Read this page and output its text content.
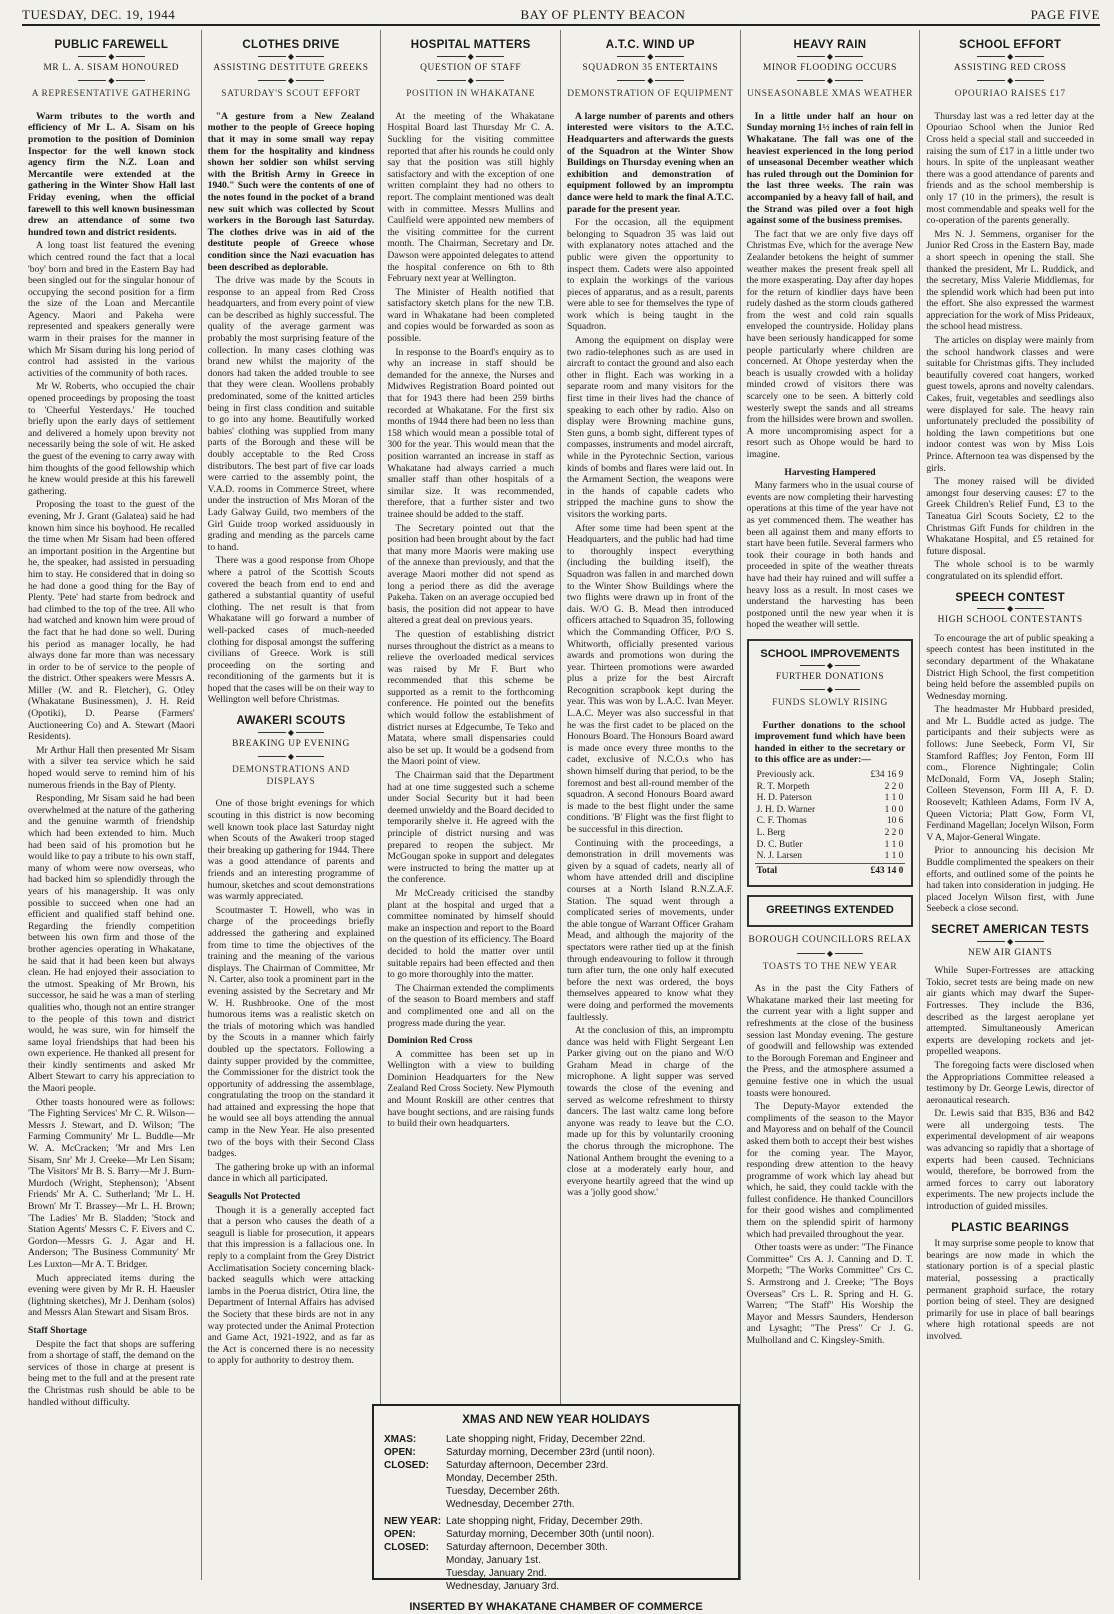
TUESDAY, DEC. 19, 1944	BAY OF PLENTY BEACON	PAGE FIVE
PUBLIC FAREWELL
◆
MR L. A. SISAM HONOURED
◆
A REPRESENTATIVE GATHERING

Warm tributes to the worth and efficiency of Mr L. A. Sisam on his promotion to the position of Dominion Inspector for the well known stock agency firm the N.Z. Loan and Mercantile were extended at the gathering in the Winter Show Hall last Friday evening, when the official farewell to this well known businessman drew an attendance of some two hundred town and district residents.

A long toast list featured the evening which centred round the fact that a local 'boy' born and bred in the Eastern Bay had been singled out for the singular honour of occupying the second position for a firm the size of the Loan and Mercantile Agency. Maori and Pakeha were represented and speakers generally were warm in their praises for the manner in which Mr Sisam during his long period of control had assisted in the various activities of the community of both races.

Mr W. Roberts, who occupied the chair opened proceedings by proposing the toast to 'Cheerful Yesterdays.' He touched briefly upon the early days of settlement and delivered a homely upon brevity not necessarily being the sole of wit. He asked the guest of the evening to carry away with him thoughts of the good fellowship which he knew would preside at this his farewell gathering.

Proposing the toast to the guest of the evening, Mr J. Grant (Galatea) said he had known him since his boyhood. He recalled the time when Mr Sisam had been offered an important position in the Argentine but he, the speaker, had assisted in persuading him to stay. He considered that in doing so he had done a good thing for the Bay of Plenty. 'Pete' had starte from bedrock and had climbed to the top of the tree. All who had watched and known him were proud of the fact that he had done so well. During his period as manager locally, he had always done far more than was necessary in order to be of service to the people of the district. Other speakers were Messrs A. Miller (W. and R. Fletcher), G. Otley (Whakatane Businessmen), J. H. Reid (Opotiki), D. Pearse (Farmers' Auctioneering Co) and A. Stewart (Maori Residents).

Mr Arthur Hall then presented Mr Sisam with a silver tea service which he said hoped would serve to remind him of his numerous friends in the Bay of Plenty.

Responding, Mr Sisam said he had been overwhelmed at the nature of the gathering and the genuine warmth of friendship which had been extended to him. Much had been said of his promotion but he would like to pay a tribute to his own staff, many of whom were now overseas, who had backed him so splendidly through the years of his managership. It was only possible to succeed when one had an efficient and qualified staff behind one. Regarding the friendly competition between his own firm and those of the brother agencies operating in Whakatane, he said that it had been keen but always clean. He had enjoyed their association to the utmost. Speaking of Mr Brown, his successor, he said he was a man of sterling qualities who, though not an entire stranger to the people of this town and district would, he was sure, win for himself the same loyal friendships that had been his own experience. He thanked all present for their kindly sentiments and asked Mr Albert Stewart to carry his appreciation to the Maori people.

Other toasts honoured were as follows: 'The Fighting Services' Mr C. R. Wilson—Messrs J. Stewart, and D. Wilson; 'The Farming Community' Mr L. Buddle—Mr W. A. McCracken; 'Mr and Mrs Len Sisam, Snr' Mr J. Creeke—Mr Len Sisam; 'The Visitors' Mr B. S. Barry—Mr J. Burn-Murdoch (Wright, Stephenson); 'Absent Friends' Mr A. C. Sutherland; 'Mr L. H. Brown' Mr T. Brassey—Mr L. H. Brown; 'The Ladies' Mr B. Sladden; 'Stock and Station Agents' Messrs C. F. Eivers and C. Gordon—Messrs G. J. Agar and H. Anderson; 'The Business Community' Mr Les Luxton—Mr A. T. Bridger.

Much appreciated items during the evening were given by Mr R. H. Haeusler (lightning sketches), Mr J. Denham (solos) and Messrs Alan Stewart and Sisam Bros.

Staff Shortage

Despite the fact that shops are suffering from a shortage of staff, the demand on the services of those in charge at present is being met to the full and at the present rate the Christmas rush should be able to be handled without difficulty.

CLOTHES DRIVE
◆
ASSISTING DESTITUTE GREEKS
◆
SATURDAY'S SCOUT EFFORT

"A gesture from a New Zealand mother to the people of Greece hoping that it may in some small way repay them for the hospitality and kindness shown her soldier son whilst serving with the British Army in Greece in 1940." Such were the contents of one of the notes found in the pocket of a brand new suit which was collected by Scout workers in the Borough last Saturday. The clothes drive was in aid of the destitute people of Greece whose condition since the Nazi evacuation has been described as deplorable.

The drive was made by the Scouts in response to an appeal from Red Cross headquarters, and from every point of view can be described as highly successful. The quality of the average garment was probably the most surprising feature of the collection. In many cases clothing was brand new whilst the majority of the donors had taken the added trouble to see that they were clean. Woollens probably predominated, some of the knitted articles being in first class condition and suitable to go into any home. Beautifully worked babies' clothing was supplied from many parts of the Borough and these will be doubly acceptable to the Red Cross distributors. The best part of five car loads were carried to the assembly point, the V.A.D. rooms in Commerce Street, where under the instruction of Mrs Moran of the Lady Galway Guild, two members of the Girl Guide troop worked assiduously in grading and mending as the parcels came to hand.

There was a good response from Ohope where a patrol of the Scottish Scouts covered the beach from end to end and gathered a substantial quantity of useful clothing. The net result is that from Whakatane will go forward a number of well-packed cases of much-needed clothing for disposal amongst the suffering civilians of Greece. Work is still proceeding on the sorting and reconditioning of the garments but it is hoped that the cases will be on their way to Wellington well before Christmas.

AWAKERI SCOUTS
◆
BREAKING UP EVENING
◆
DEMONSTRATIONS AND DISPLAYS

One of those bright evenings for which scouting in this district is now becoming well known took place last Saturday night when Scouts of the Awakeri troop staged their breaking up gathering for 1944. There was a good attendance of parents and friends and an interesting programme of humour, sketches and scout demonstrations was warmly appreciated.

Scoutmaster T. Howell, who was in charge of the proceedings briefly addressed the gathering and explained from time to time the objectives of the training and the meaning of the various displays. The Chairman of Committee, Mr N. Carter, also took a prominent part in the evening assisted by the Secretary and Mr W. H. Rushbrooke. One of the most humorous items was a realistic sketch on the trials of motoring which was handled by the Scouts in a manner which fairly doubled up the spectators. Following a dainty supper provided by the committee, the Commissioner for the district took the opportunity of addressing the assemblage, congratulating the troop on the standard it had attained and expressing the hope that he would see all boys attending the annual camp in the New Year. He also presented two of the boys with their Second Class badges.

The gathering broke up with an informal dance in which all participated.

Seagulls Not Protected

Though it is a generally accepted fact that a person who causes the death of a seagull is liable for prosecution, it appears that this impression is a fallacious one. In reply to a complaint from the Grey District Acclimatisation Society concerning black-backed seagulls which were attacking lambs in the Poerua district, Otira line, the Department of Internal Affairs has advised the Society that these birds are not in any way protected under the Animal Protection and Game Act, 1921-1922, and as far as the Act is concerned there is no necessity to apply for authority to destroy them.

HOSPITAL MATTERS
◆
QUESTION OF STAFF
◆
POSITION IN WHAKATANE

At the meeting of the Whakatane Hospital Board last Thursday Mr C. A. Suckling for the visiting committee reported that after his rounds he could only say that the position was still highly satisfactory and with the exception of one written complaint they had no others to report. The complaint mentioned was dealt with in committee. Messrs Mullins and Caulfield were appointed new members of the visiting committee for the current month. The Chairman, Secretary and Dr. Dawson were appointed delegates to attend the hospital conference on 6th to 8th February next year at Wellington.

The Minister of Health notified that satisfactory sketch plans for the new T.B. ward in Whakatane had been completed and copies would be forwarded as soon as possible.

In response to the Board's enquiry as to why an increase in staff should be demanded for the annexe, the Nurses and Midwives Registration Board pointed out that for 1943 there had been 259 births recorded at Whakatane. For the first six months of 1944 there had been no less than 158 which would mean a possible total of 300 for the year. This would mean that the position warranted an increase in staff as Whakatane had always carried a much smaller staff than other hospitals of a similar size. It was recommended, therefore, that a further sister and two trainee should be added to the staff.

The Secretary pointed out that the position had been brought about by the fact that many more Maoris were making use of the annexe than previously, and that the average Maori mother did not spend as long a period there as did the average Pakeha. Taken on an average occupied bed basis, the position did not appear to have altered a great deal on previous years.

The question of establishing district nurses throughout the district as a means to relieve the overloaded medical services was raised by Mr F. Burt who recommended that this scheme be supported as a remit to the forthcoming conference. He pointed out the benefits which would follow the establishment of district nurses at Edgecumbe, Te Teko and Matata, where small dispensaries could also be set up. It would be a godsend from the Maori point of view.

The Chairman said that the Department had at one time suggested such a scheme under Social Security but it had been deemed unwieldy and the Board decided to temporarily shelve it. He agreed with the principle of district nursing and was prepared to reopen the subject. Mr McGougan spoke in support and delegates were instructed to bring the matter up at the conference.

Mr McCready criticised the standby plant at the hospital and urged that a committee nominated by himself should make an inspection and report to the Board on the question of its efficiency. The Board decided to hold the matter over until suitable repairs had been effected and then to go more thoroughly into the matter.

The Chairman extended the compliments of the season to Board members and staff and complimented one and all on the progress made during the year.

Dominion Red Cross

A committee has been set up in Wellington with a view to building Dominion Headquarters for the New Zealand Red Cross Society. New Plymouth and Mount Roskill are other centres that have bought sections, and are raising funds to build their own headquarters.

A.T.C. WIND UP
◆
SQUADRON 35 ENTERTAINS
◆
DEMONSTRATION OF EQUIPMENT

A large number of parents and others interested were visitors to the A.T.C. Headquarters and afterwards the guests of the Squadron at the Winter Show Buildings on Thursday evening when an exhibition and demonstration of equipment followed by an impromptu dance were held to mark the final A.T.C. parade for the present year.

For the occasion, all the equipment belonging to Squadron 35 was laid out with explanatory notes attached and the public were given the opportunity to inspect them. Cadets were also appointed to explain the workings of the various pieces of apparatus, and as a result, parents were able to see for themselves the type of work which is being taught in the Squadron.

Among the equipment on display were two radio-telephones such as are used in aircraft to contact the ground and also each other in flight. Each was working in a separate room and many visitors for the first time in their lives had the chance of speaking to each other by radio. Also on display were Browning machine guns, Sten guns, a bomb sight, different types of compasses, instruments and model aircraft, while in the Pyrotechnic Section, various kinds of bombs and flares were laid out. In the Armament Section, the weapons were in the hands of capable cadets who stripped the machine guns to show the visitors the working parts.

After some time had been spent at the Headquarters, and the public had had time to thoroughly inspect everything (including the building itself), the Squadron was fallen in and marched down to the Winter Show Buildings where the two flights were drawn up in front of the dais. W/O G. B. Mead then introduced officers attached to Squadron 35, following which the Commanding Officer, P/O S. Whitworth, officially presented various awards and promotions won during the year. Thirteen promotions were awarded plus a prize for the best Aircraft Recognition scrapbook kept during the year. This was won by L.A.C. Ivan Meyer. L.A.C. Meyer was also successful in that he was the first cadet to be placed on the Honours Board. The Honours Board award is made once every three months to the cadet, exclusive of N.C.O.s who has shown himself during that period, to be the foremost and best all-round member of the squadron. A second Honours Board award is made to the best flight under the same conditions. 'B' Flight was the first flight to be successful in this direction.

Continuing with the proceedings, a demonstration in drill movements was given by a squad of cadets, nearly all of whom have attended drill and discipline courses at a North Island R.N.Z.A.F. Station. The squad went through a complicated series of movements, under the able tongue of Warrant Officer Graham Mead, and although the majority of the spectators were rather tied up at the finish through endeavouring to follow it through turn after turn, the one only half executed before the next was ordered, the boys themselves appeared to know what they were doing and performed the movements faultlessly.

At the conclusion of this, an impromptu dance was held with Flight Sergeant Len Parker giving out on the piano and W/O Graham Mead in charge of the microphone. A light supper was served towards the close of the evening and served as welcome refreshment to thirsty dancers. The last waltz came long before anyone was ready to leave but the C.O. made up for this by voluntarily crooning the chorus through the microphone. The National Anthem brought the evening to a close at a moderately early hour, and everyone heartily agreed that the wind up was a 'jolly good show.'

HEAVY RAIN
◆
MINOR FLOODING OCCURS
◆
UNSEASONABLE XMAS WEATHER

In a little under half an hour on Sunday morning 1½ inches of rain fell in Whakatane. The fall was one of the heaviest experienced in the long period of unseasonal December weather which has ruled through out the Dominion for the last three weeks. The rain was accompanied by a heavy fall of hail, and the Strand was piled over a foot high against some of the business premises.

The fact that we are only five days off Christmas Eve, which for the average New Zealander betokens the height of summer weather makes the present freak spell all the more exasperating. Day after day hopes for the return of kindlier days have been rudely dashed as the storm clouds gathered from the west and cold rain squalls enveloped the countryside. Holiday plans have been seriously handicapped for some people particularly where children are concerned. At Ohope yesterday when the beach is usually crowded with a holiday minded crowd of visitors there was scarcely one to be seen. A bitterly cold westerly swept the sands and all streams from the hillsides were brown and swollen. A more uncompromising aspect for a resort such as Ohope would be hard to imagine.

Harvesting Hampered

Many farmers who in the usual course of events are now completing their harvesting operations at this time of the year have not as yet commenced them. The weather has been all against them and many efforts to start have been futile. Several farmers who took their courage in both hands and proceeded in spite of the weather threats have had their hay ruined and will suffer a heavy loss as a result. In most cases we understand the harvesting has been postponed until the new year when it is hoped the weather will settle.

SCHOOL IMPROVEMENTS
◆
FURTHER DONATIONS
◆
FUNDS SLOWLY RISING

Further donations to the school improvement fund which have been handed in either to the secretary or to this office are as under:—

Previously ack.	£34 16 9
R. T. Morpeth	2 2 0
H. D. Paterson	1 1 0
J. H. D. Warner	1 0 0
C. F. Thomas	10 6
L. Berg	2 2 0
D. C. Butler	1 1 0
N. J. Larsen	1 1 0
Total	£43 14 0
GREETINGS EXTENDED
BOROUGH COUNCILLORS RELAX
◆
TOASTS TO THE NEW YEAR

As in the past the City Fathers of Whakatane marked their last meeting for the current year with a light supper and refreshments at the close of the business session last Monday evening. The gesture of goodwill and fellowship was extended to the Borough Foreman and Engineer and the Press, and the atmosphere assumed a genuine festive one in which the usual toasts were honoured.

The Deputy-Mayor extended the compliments of the season to the Mayor and Mayoress and on behalf of the Council asked them both to accept their best wishes for the coming year. The Mayor, responding drew attention to the heavy programme of work which lay ahead but which, he said, they could tackle with the fullest confidence. He thanked Councillors for their good wishes and complimented them on the splendid spirit of harmony which had prevailed throughout the year.

Other toasts were as under: "The Finance Committee" Crs A. J. Canning and D. T. Morpeth; "The Works Committee" Crs C. S. Armstrong and J. Creeke; "The Boys Overseas" Crs L. R. Spring and H. G. Warren; "The Staff" His Worship the Mayor and Messrs Saunders, Henderson and Lysaght; "The Press" Cr J. G. Mulholland and C. Kingsley-Smith.

SCHOOL EFFORT
◆
ASSISTING RED CROSS
◆
OPOURIAO RAISES £17

Thursday last was a red letter day at the Opouriao School when the Junior Red Cross held a special stall and succeeded in raising the sum of £17 in a little under two hours. In spite of the unpleasant weather there was a good attendance of parents and friends and as the school membership is only 17 (10 in the primers), the result is most commendable and speaks well for the co-operation of the parents generally.

Mrs N. J. Semmens, organiser for the Junior Red Cross in the Eastern Bay, made a short speech in opening the stall. She thanked the president, Mr L. Ruddick, and the secretary, Miss Valerie Middlemas, for the splendid work which had been put into the effort. She also expressed the warmest appreciation for the work of Miss Prideaux, the school head mistress.

The articles on display were mainly from the school handwork classes and were suitable for Christmas gifts. They included beautifully covered coat hangers, worked guest towels, aprons and novelty calendars. Cakes, fruit, vegetables and seedlings also were displayed for sale. The heavy rain unfortunately precluded the possibility of holding the lawn competitions but one indoor contest was won by Miss Lois Prince. Afternoon tea was dispensed by the girls.

The money raised will be divided amongst four deserving causes: £7 to the Greek Children's Relief Fund, £3 to the Taneatua Girl Scouts Society, £2 to the Christmas Gift Funds for children in the Whakatane Hospital, and £5 retained for future disposal.

The whole school is to be warmly congratulated on its splendid effort.

SPEECH CONTEST
◆
HIGH SCHOOL CONTESTANTS

To encourage the art of public speaking a speech contest has been instituted in the secondary department of the Whakatane District High School, the first competition being held before the assembled pupils on Wednesday morning.

The headmaster Mr Hubbard presided, and Mr L. Buddle acted as judge. The participants and their subjects were as follows: June Seebeck, Form VI, Sir Stamford Raffles; Joy Fenton, Form III com., Florence Nightingale; Colin McDonald, Form VA, Joseph Stalin; Colleen Stevenson, Form III A, F. D. Roosevelt; Kathleen Adams, Form IV A, Queen Victoria; Platt Gow, Form VI, Ferdinand Magellan; Jocelyn Wilson, Form V A, Major-General Wingate.

Prior to announcing his decision Mr Buddle complimented the speakers on their efforts, and outlined some of the points he had taken into consideration in judging. He placed Jocelyn Wilson first, with June Seebeck a close second.

SECRET AMERICAN TESTS
◆
NEW AIR GIANTS

While Super-Fortresses are attacking Tokio, secret tests are being made on new air giants which may dwarf the Super-Fortresses. They include the B36, described as the largest aeroplane yet attempted. Simultaneously American experts are developing rockets and jet-propelled weapons.

The foregoing facts were disclosed when the Appropriations Committee released a testimony by Dr. George Lewis, director of aeronautical research.

Dr. Lewis said that B35, B36 and B42 were all undergoing tests. The experimental development of air weapons was advancing so rapidly that a shortage of experts had been caused. Technicians would, therefore, be borrowed from the armed forces to carry out laboratory experiments. The new projects include the introduction of guided missiles.

PLASTIC BEARINGS

It may surprise some people to know that bearings are now made in which the stationary portion is of a special plastic material, possessing a practically permanent graphoid surface, the rotary portion being of steel. They are designed primarily for use in place of ball bearings where high rotational speeds are not involved.

XMAS AND NEW YEAR HOLIDAYS
XMAS:	Late shopping night, Friday, December 22nd.
OPEN:	Saturday morning, December 23rd (until noon).
CLOSED:	Saturday afternoon, December 23rd.
Monday, December 25th.
Tuesday, December 26th.
Wednesday, December 27th.
NEW YEAR: Late shopping night, Friday, December 29th.
OPEN:	Saturday morning, December 30th (until noon).
CLOSED:	Saturday afternoon, December 30th.
Monday, January 1st.
Tuesday, January 2nd.
Wednesday, January 3rd.
INSERTED BY WHAKATANE CHAMBER OF COMMERCE
